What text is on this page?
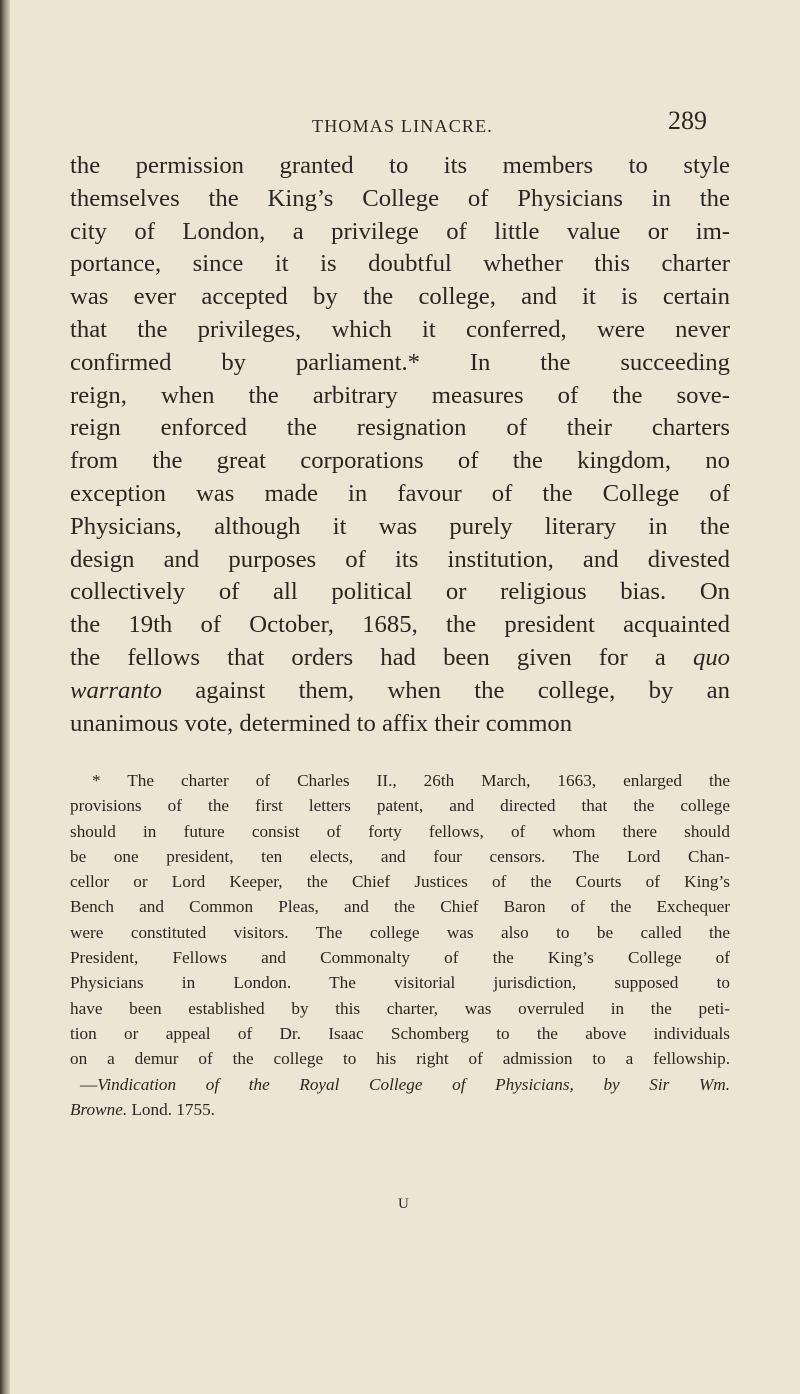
THOMAS LINACRE.	289
the permission granted to its members to style
themselves the King’s College of Physicians in the
city of London, a privilege of little value or im-
portance, since it is doubtful whether this charter
was ever accepted by the college, and it is certain
that the privileges, which it conferred, were never
confirmed by parliament.* In the succeeding
reign, when the arbitrary measures of the sove-
reign enforced the resignation of their charters
from the great corporations of the kingdom, no
exception was made in favour of the College of
Physicians, although it was purely literary in the
design and purposes of its institution, and divested
collectively of all political or religious bias. On
the 19th of October, 1685, the president acquainted
the fellows that orders had been given for a quo
warranto against them, when the college, by an
unanimous vote, determined to affix their common
* The charter of Charles II., 26th March, 1663, enlarged the
provisions of the first letters patent, and directed that the college
should in future consist of forty fellows, of whom there should
be one president, ten elects, and four censors. The Lord Chan-
cellor or Lord Keeper, the Chief Justices of the Courts of King’s
Bench and Common Pleas, and the Chief Baron of the Exchequer
were constituted visitors. The college was also to be called the
President, Fellows and Commonalty of the King’s College of
Physicians in London. The visitorial jurisdiction, supposed to
have been established by this charter, was overruled in the peti-
tion or appeal of Dr. Isaac Schomberg to the above individuals
on a demur of the college to his right of admission to a fellowship.
—Vindication of the Royal College of Physicians, by Sir Wm.
Browne. Lond. 1755.
U
